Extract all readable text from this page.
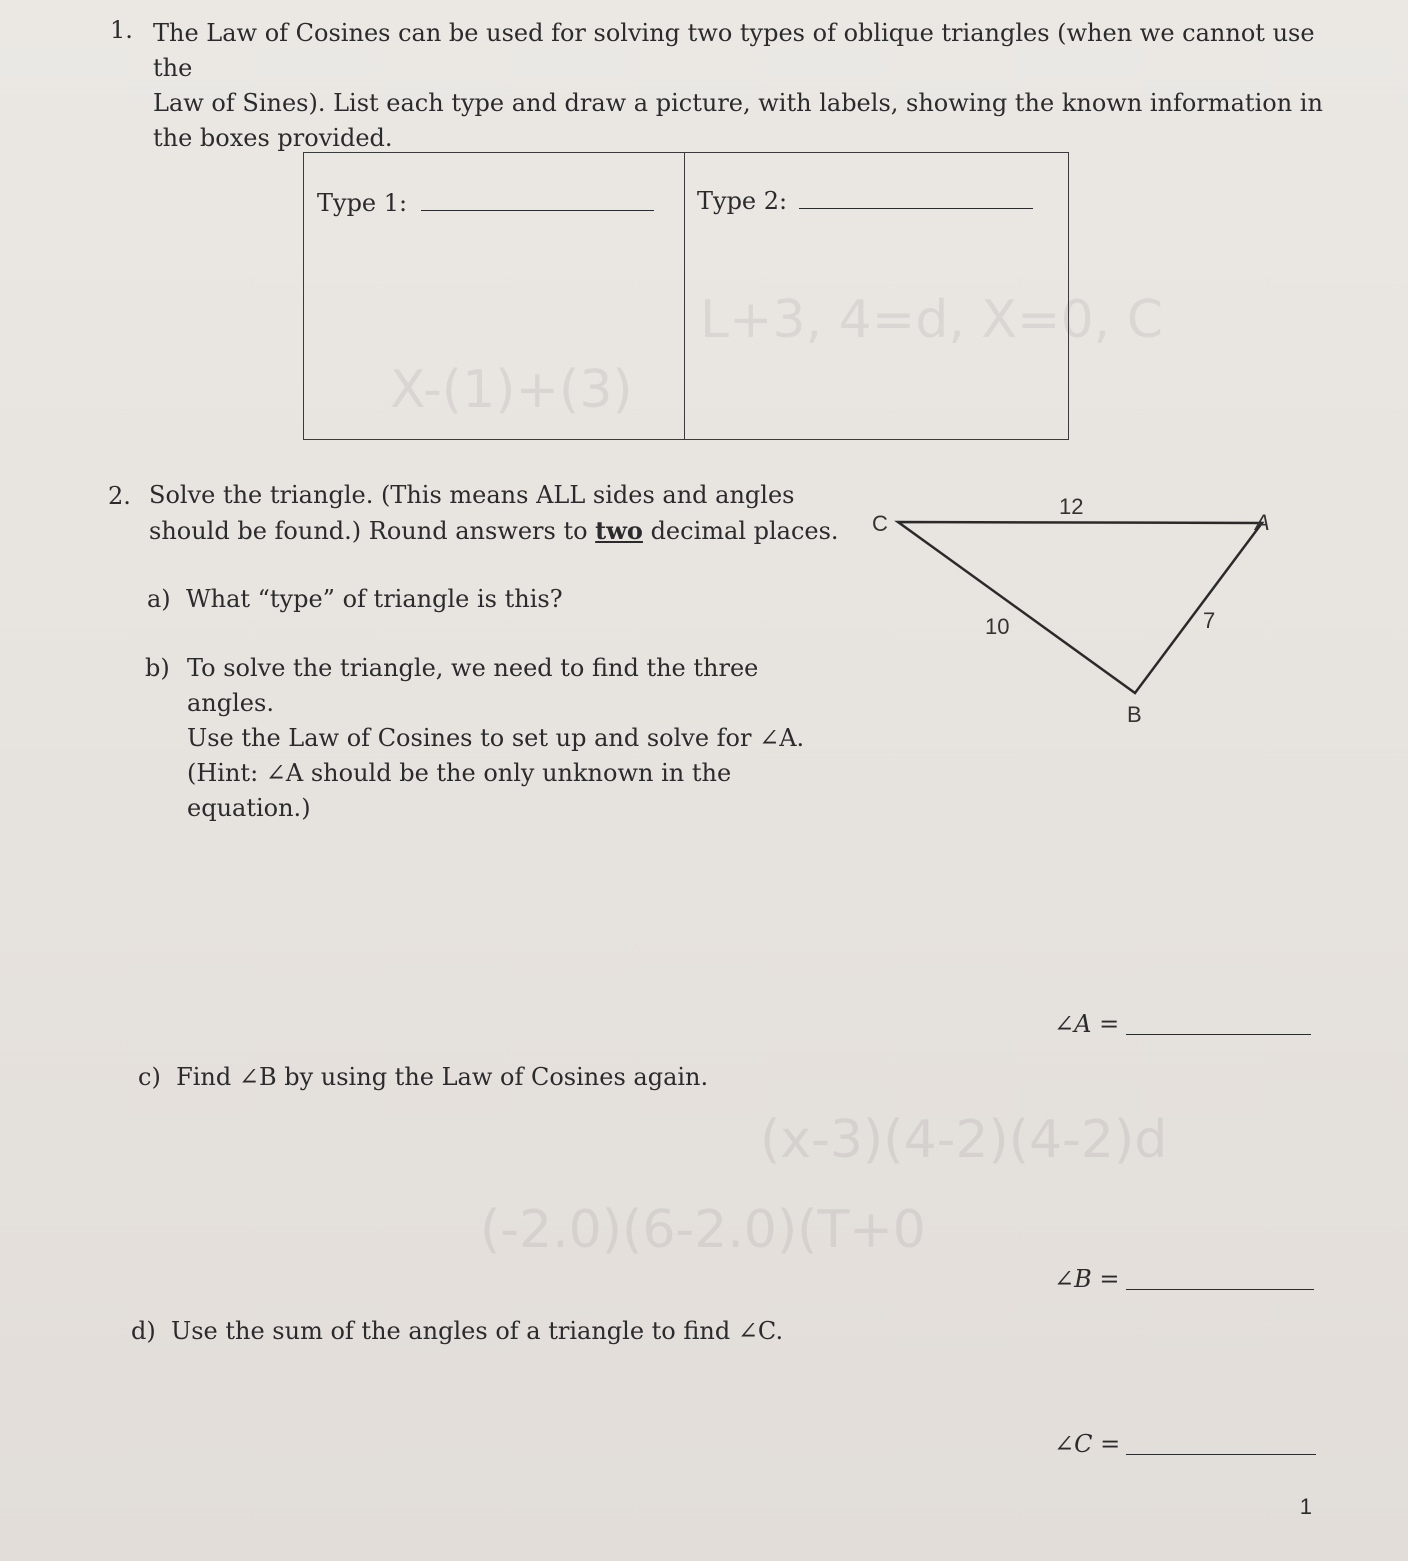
L+3, 4=d, X=0, C
X-(1)+(3)
(x-3)(4-2)(4-2)d
(-2.0)(6-2.0)(T+0
1. The Law of Cosines can be used for solving two types of oblique triangles (when we cannot use the
Law of Sines). List each type and draw a picture, with labels, showing the known information in
the boxes provided.
Type 1:	Type 2:
2. Solve the triangle. (This means ALL sides and angles
should be found.) Round answers to two decimal places.
a) What “type” of triangle is this?
b) To solve the triangle, we need to find the three angles.
Use the Law of Cosines to set up and solve for ∠A.
(Hint: ∠A should be the only unknown in the
equation.)
c) Find ∠B by using the Law of Cosines again.
d) Use the sum of the angles of a triangle to find ∠C.
C	A
B
12
10	7
∠A =
∠B =
∠C =
1
